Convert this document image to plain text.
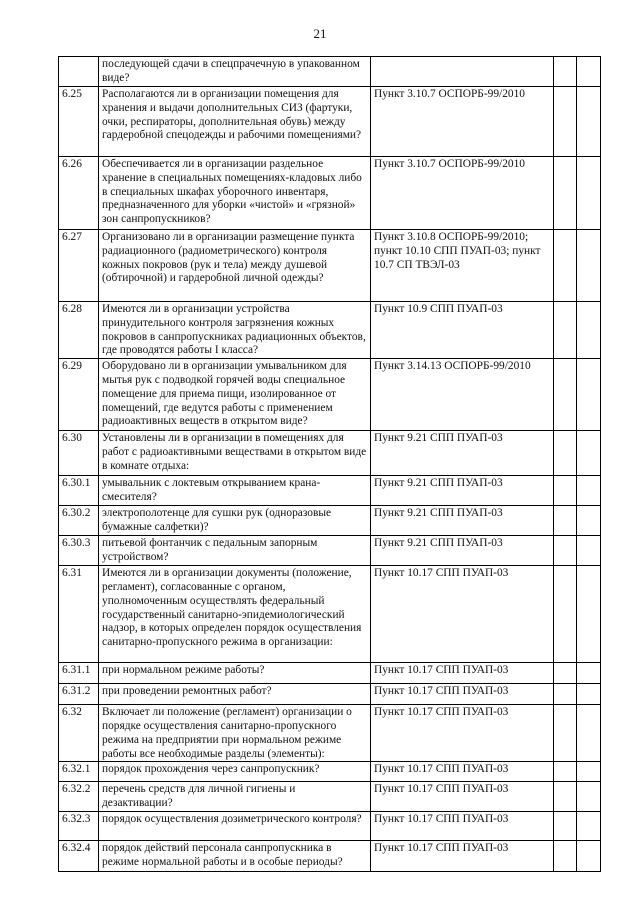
21
	последующей сдачи в спецпрачечную в упакованном виде?			
6.25	Располагаются ли в организации помещения для хранения и выдачи дополнительных СИЗ (фартуки, очки, респираторы, дополнительная обувь) между гардеробной спецодежды и рабочими помещениями?	Пункт 3.10.7 ОСПОРБ-99/2010		
6.26	Обеспечивается ли в организации раздельное хранение в специальных помещениях-кладовых либо в специальных шкафах уборочного инвентаря, предназначенного для уборки «чистой» и «грязной» зон санпропускников?	Пункт 3.10.7 ОСПОРБ-99/2010		
6.27	Организовано ли в организации размещение пункта радиационного (радиометрического) контроля кожных покровов (рук и тела) между душевой (обтирочной) и гардеробной личной одежды?	Пункт 3.10.8 ОСПОРБ-99/2010; пункт 10.10 СПП ПУАП-03; пункт 10.7 СП ТВЭЛ-03		
6.28	Имеются ли в организации устройства принудительного контроля загрязнения кожных покровов в санпропускниках радиационных объектов, где проводятся работы I класса?	Пункт 10.9 СПП ПУАП-03		
6.29	Оборудовано ли в организации умывальником для мытья рук с подводкой горячей воды специальное помещение для приема пищи, изолированное от помещений, где ведутся работы с применением радиоактивных веществ в открытом виде?	Пункт 3.14.13 ОСПОРБ-99/2010		
6.30	Установлены ли в организации в помещениях для работ с радиоактивными веществами в открытом виде в комнате отдыха:	Пункт 9.21 СПП ПУАП-03		
6.30.1	умывальник с локтевым открыванием крана-смесителя?	Пункт 9.21 СПП ПУАП-03		
6.30.2	электрополотенце для сушки рук (одноразовые бумажные салфетки)?	Пункт 9.21 СПП ПУАП-03		
6.30.3	питьевой фонтанчик с педальным запорным устройством?	Пункт 9.21 СПП ПУАП-03		
6.31	Имеются ли в организации документы (положение, регламент), согласованные с органом, уполномоченным осуществлять федеральный государственный санитарно-эпидемиологический надзор, в которых определен порядок осуществления санитарно-пропускного режима в организации:	Пункт 10.17 СПП ПУАП-03		
6.31.1	при нормальном режиме работы?	Пункт 10.17 СПП ПУАП-03		
6.31.2	при проведении ремонтных работ?	Пункт 10.17 СПП ПУАП-03		
6.32	Включает ли положение (регламент) организации о порядке осуществления санитарно-пропускного режима на предприятии при нормальном режиме работы все необходимые разделы (элементы):	Пункт 10.17 СПП ПУАП-03		
6.32.1	порядок прохождения через санпропускник?	Пункт 10.17 СПП ПУАП-03		
6.32.2	перечень средств для личной гигиены и дезактивации?	Пункт 10.17 СПП ПУАП-03		
6.32.3	порядок осуществления дозиметрического контроля?	Пункт 10.17 СПП ПУАП-03		
6.32.4	порядок действий персонала санпропускника в режиме нормальной работы и в особые периоды?	Пункт 10.17 СПП ПУАП-03		
